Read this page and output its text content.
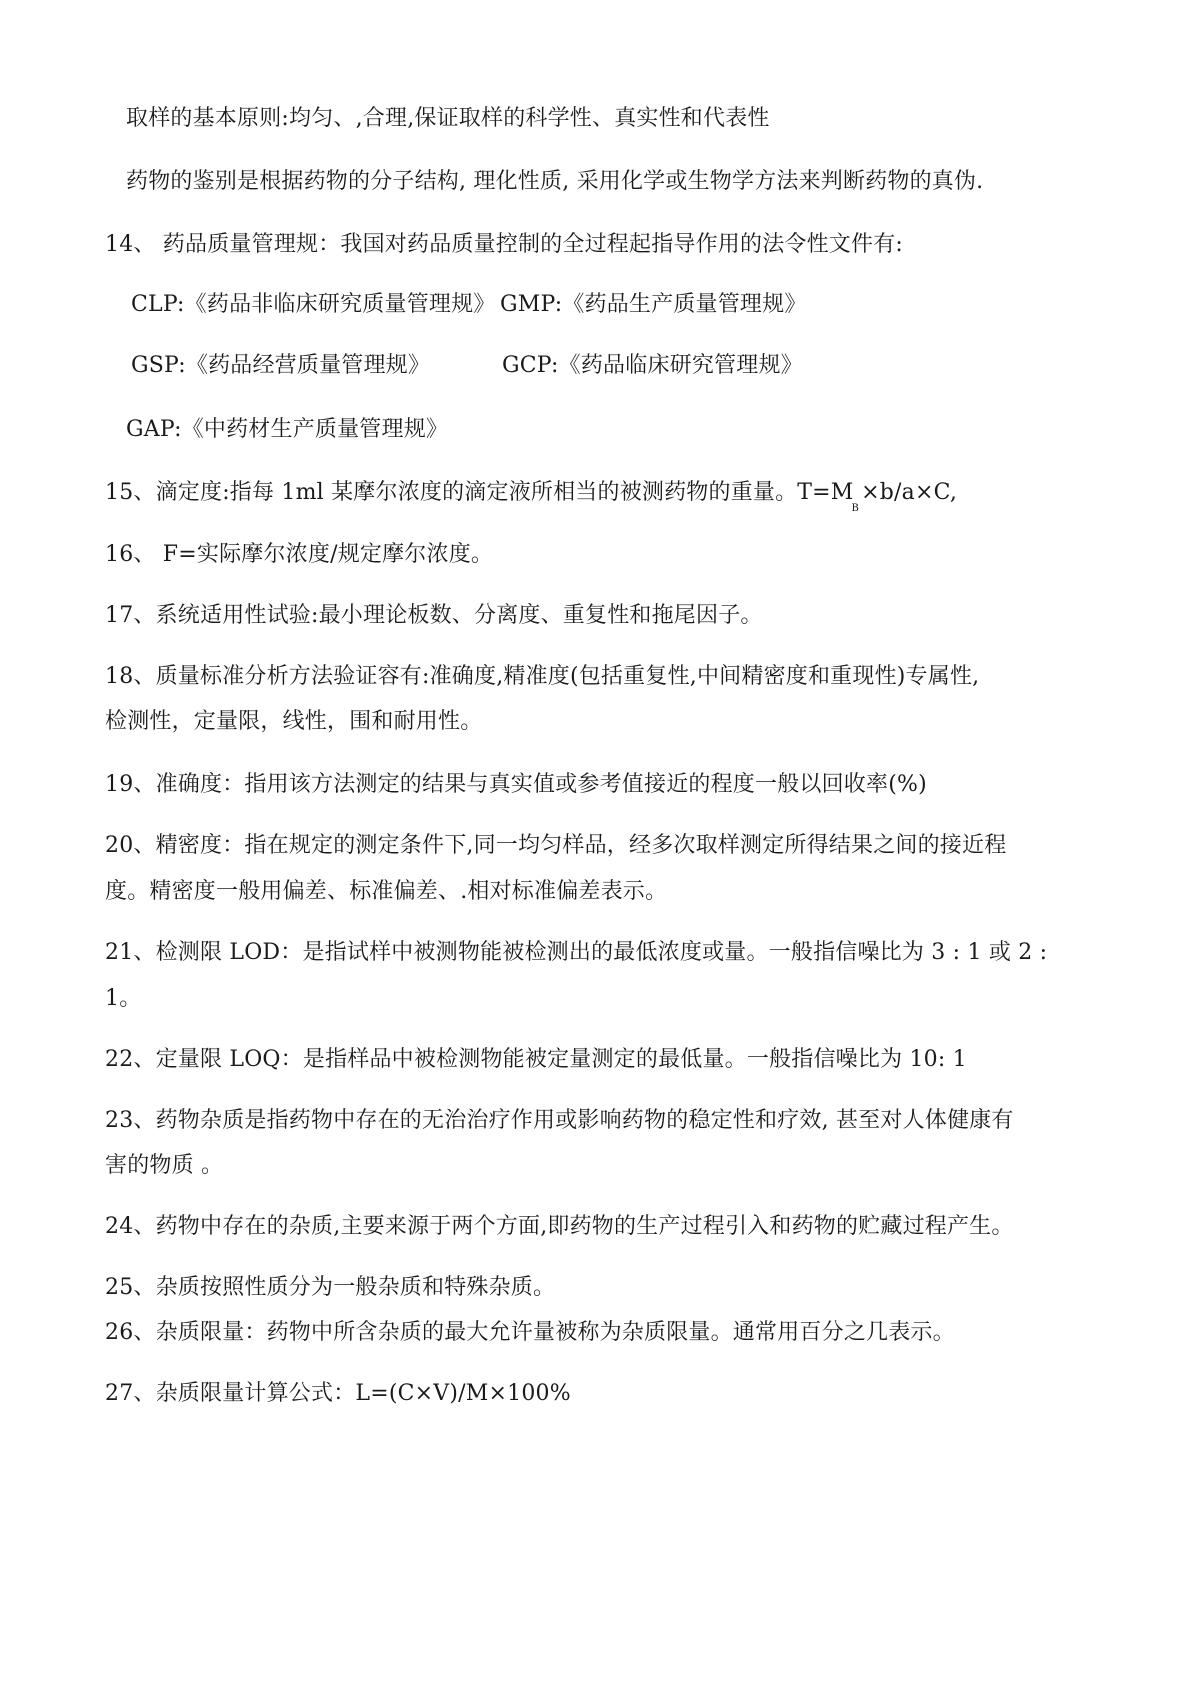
取样的基本原则:均匀、,合理,保证取样的科学性、真实性和代表性
药物的鉴别是根据药物的分子结构, 理化性质, 采用化学或生物学方法来判断药物的真伪.
14、 药品质量管理规：我国对药品质量控制的全过程起指导作用的法令性文件有:
CLP:《药品非临床研究质量管理规》 GMP:《药品生产质量管理规》
GSP:《药品经营质量管理规》	GCP:《药品临床研究管理规》
GAP:《中药材生产质量管理规》
15、滴定度:指每 1ml 某摩尔浓度的滴定液所相当的被测药物的重量。$T=M_B\times b/a\times C$,
16、 F=实际摩尔浓度/规定摩尔浓度。
17、系统适用性试验:最小理论板数、分离度、重复性和拖尾因子。
18、质量标准分析方法验证容有:准确度,精准度(包括重复性,中间精密度和重现性)专属性,
检测性，定量限，线性，围和耐用性。
19、准确度：指用该方法测定的结果与真实值或参考值接近的程度一般以回收率(%)
20、精密度：指在规定的测定条件下,同一均匀样品，经多次取样测定所得结果之间的接近程
度。精密度一般用偏差、标准偏差、.相对标准偏差表示。
21、检测限 LOD：是指试样中被测物能被检测出的最低浓度或量。一般指信噪比为 3 : 1 或 2 :
1。
22、定量限 LOQ：是指样品中被检测物能被定量测定的最低量。一般指信噪比为 10: 1
23、药物杂质是指药物中存在的无治治疗作用或影响药物的稳定性和疗效, 甚至对人体健康有
害的物质 。
24、药物中存在的杂质,主要来源于两个方面,即药物的生产过程引入和药物的贮藏过程产生。
25、杂质按照性质分为一般杂质和特殊杂质。
26、杂质限量：药物中所含杂质的最大允许量被称为杂质限量。通常用百分之几表示。
27、杂质限量计算公式：L=(C×V)/M×100%
